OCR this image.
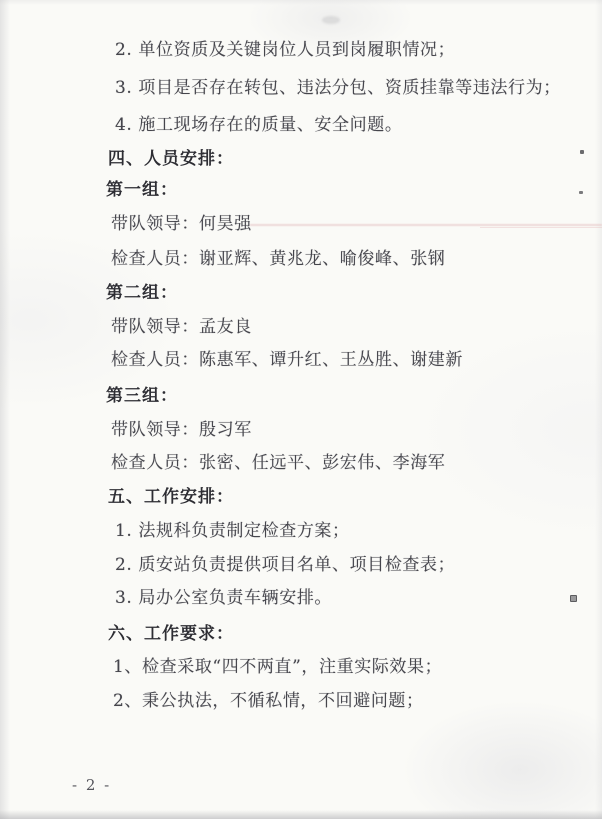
2. 单位资质及关键岗位人员到岗履职情况；

3. 项目是否存在转包、违法分包、资质挂靠等违法行为；

4. 施工现场存在的质量、安全问题。

四、人员安排：

第一组：

带队领导：何昊强

检查人员：谢亚辉、黄兆龙、喻俊峰、张钢

第二组：

带队领导：孟友良

检查人员：陈惠军、谭升红、王丛胜、谢建新

第三组：

带队领导：殷习军

检查人员：张密、任远平、彭宏伟、李海军

五、工作安排：

1. 法规科负责制定检查方案；

2. 质安站负责提供项目名单、项目检查表；

3. 局办公室负责车辆安排。

六、工作要求：

1、检查采取“四不两直”，注重实际效果；

2、秉公执法，不循私情，不回避问题；

- 2 -
